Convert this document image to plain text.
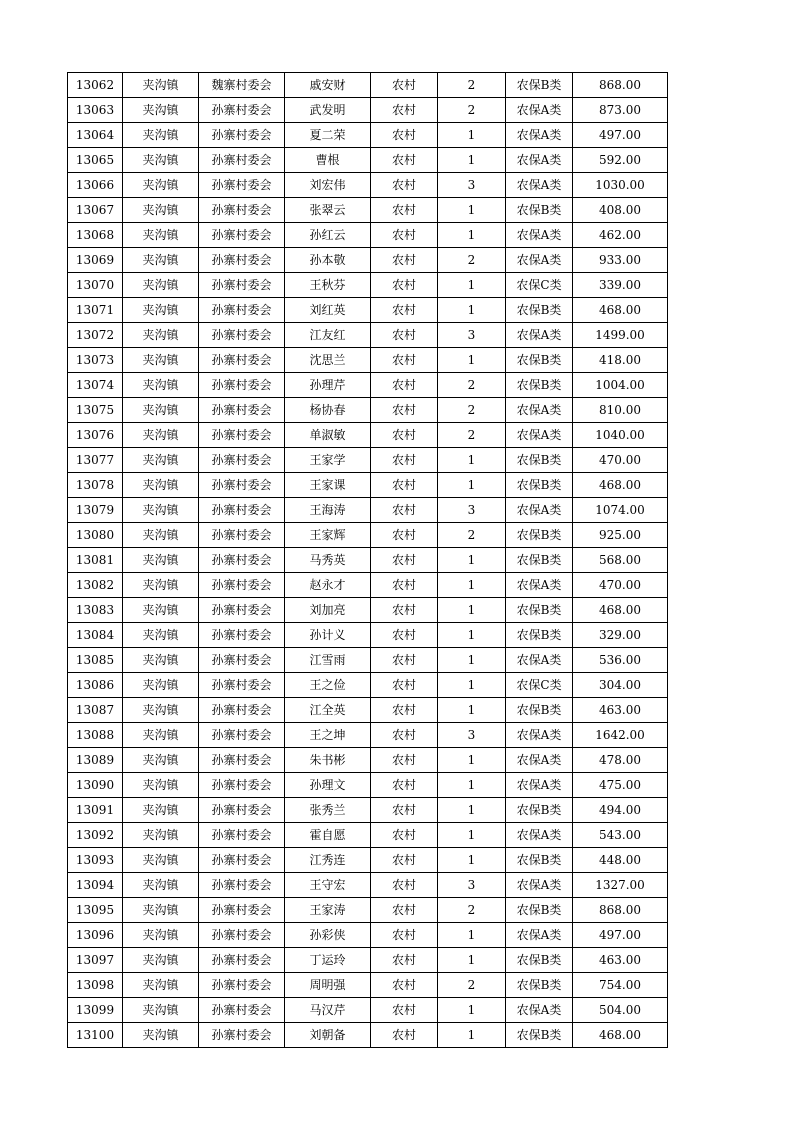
13062	夹沟镇	魏寨村委会	戚安财	农村	2	农保B类	868.00
13063	夹沟镇	孙寨村委会	武发明	农村	2	农保A类	873.00
13064	夹沟镇	孙寨村委会	夏二荣	农村	1	农保A类	497.00
13065	夹沟镇	孙寨村委会	曹根	农村	1	农保A类	592.00
13066	夹沟镇	孙寨村委会	刘宏伟	农村	3	农保A类	1030.00
13067	夹沟镇	孙寨村委会	张翠云	农村	1	农保B类	408.00
13068	夹沟镇	孙寨村委会	孙红云	农村	1	农保A类	462.00
13069	夹沟镇	孙寨村委会	孙本敬	农村	2	农保A类	933.00
13070	夹沟镇	孙寨村委会	王秋芬	农村	1	农保C类	339.00
13071	夹沟镇	孙寨村委会	刘红英	农村	1	农保B类	468.00
13072	夹沟镇	孙寨村委会	江友红	农村	3	农保A类	1499.00
13073	夹沟镇	孙寨村委会	沈思兰	农村	1	农保B类	418.00
13074	夹沟镇	孙寨村委会	孙理芹	农村	2	农保B类	1004.00
13075	夹沟镇	孙寨村委会	杨协春	农村	2	农保A类	810.00
13076	夹沟镇	孙寨村委会	单淑敏	农村	2	农保A类	1040.00
13077	夹沟镇	孙寨村委会	王家学	农村	1	农保B类	470.00
13078	夹沟镇	孙寨村委会	王家课	农村	1	农保B类	468.00
13079	夹沟镇	孙寨村委会	王海涛	农村	3	农保A类	1074.00
13080	夹沟镇	孙寨村委会	王家辉	农村	2	农保B类	925.00
13081	夹沟镇	孙寨村委会	马秀英	农村	1	农保B类	568.00
13082	夹沟镇	孙寨村委会	赵永才	农村	1	农保A类	470.00
13083	夹沟镇	孙寨村委会	刘加亮	农村	1	农保B类	468.00
13084	夹沟镇	孙寨村委会	孙计义	农村	1	农保B类	329.00
13085	夹沟镇	孙寨村委会	江雪雨	农村	1	农保A类	536.00
13086	夹沟镇	孙寨村委会	王之俭	农村	1	农保C类	304.00
13087	夹沟镇	孙寨村委会	江全英	农村	1	农保B类	463.00
13088	夹沟镇	孙寨村委会	王之坤	农村	3	农保A类	1642.00
13089	夹沟镇	孙寨村委会	朱书彬	农村	1	农保A类	478.00
13090	夹沟镇	孙寨村委会	孙理文	农村	1	农保A类	475.00
13091	夹沟镇	孙寨村委会	张秀兰	农村	1	农保B类	494.00
13092	夹沟镇	孙寨村委会	霍自愿	农村	1	农保A类	543.00
13093	夹沟镇	孙寨村委会	江秀连	农村	1	农保B类	448.00
13094	夹沟镇	孙寨村委会	王守宏	农村	3	农保A类	1327.00
13095	夹沟镇	孙寨村委会	王家涛	农村	2	农保B类	868.00
13096	夹沟镇	孙寨村委会	孙彩侠	农村	1	农保A类	497.00
13097	夹沟镇	孙寨村委会	丁运玲	农村	1	农保B类	463.00
13098	夹沟镇	孙寨村委会	周明强	农村	2	农保B类	754.00
13099	夹沟镇	孙寨村委会	马汉芹	农村	1	农保A类	504.00
13100	夹沟镇	孙寨村委会	刘朝备	农村	1	农保B类	468.00
